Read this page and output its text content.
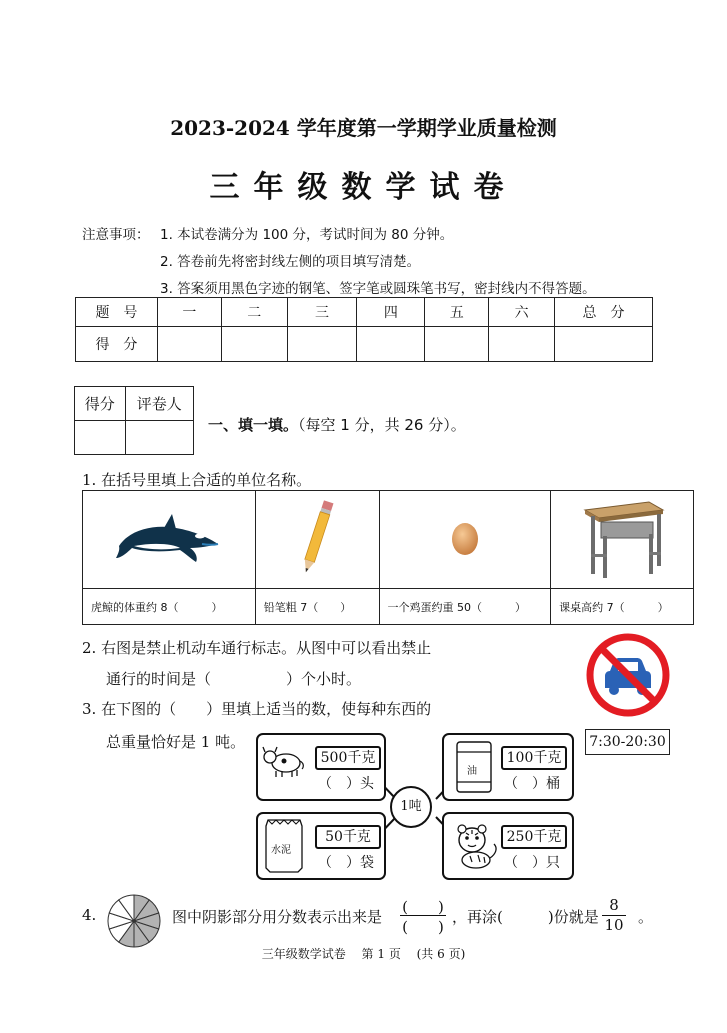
2023-2024 学年度第一学期学业质量检测
三年级数学试卷
注意事项： 1. 本试卷满分为 100 分，考试时间为 80 分钟。
2. 答卷前先将密封线左侧的项目填写清楚。
3. 答案须用黑色字迹的钢笔、签字笔或圆珠笔书写，密封线内不得答题。
题　号	一	二	三	四	五	六	总　分
得　分							
得分	评卷人

一、填一填。（每空 1 分，共 26 分）。
1. 在括号里填上合适的单位名称。

虎鲸的体重约 8（　　　）	铅笔粗 7（　　）	一个鸡蛋约重 50（　　　）	课桌高约 7（　　　）
2. 右图是禁止机动车通行标志。从图中可以看出禁止
通行的时间是（　　　　　）个小时。
7:30-20:30
3. 在下图的（　　）里填上适当的数，使每种东西的
总重量恰好是 1 吨。
500千克
（　）头
油
100千克
（　）桶
水泥
50千克
（　）袋
250千克
（　）只
1吨
4.	图中阴影部分用分数表示出来是
(　　)
(　　)
，再涂(　　　)份就是 $\frac{8}{10}$ 。
三年级数学试卷　 第 1 页　 (共 6 页)
